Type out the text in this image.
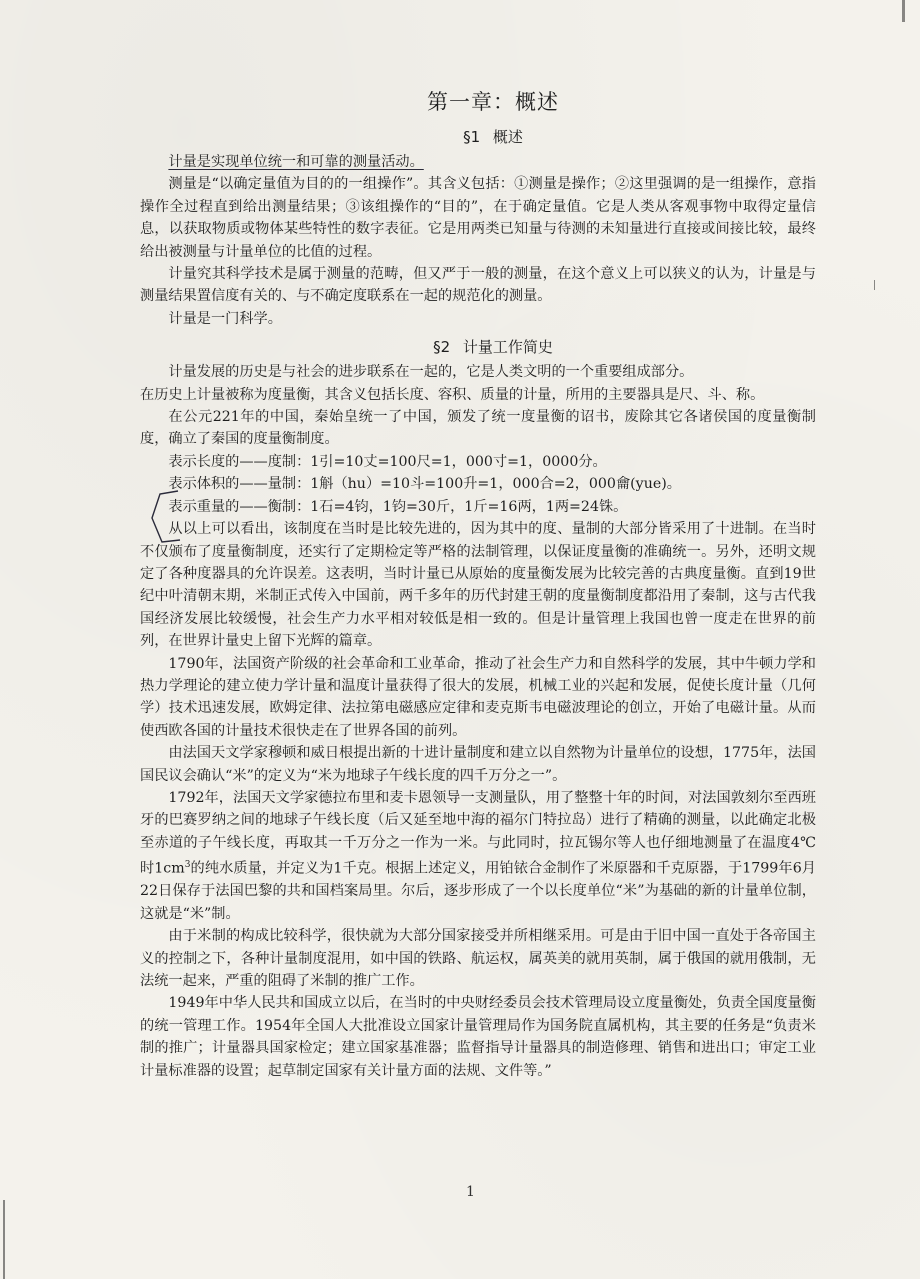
第一章：概述
§1 概述

计量是实现单位统一和可靠的测量活动。

测量是“以确定量值为目的的一组操作”。其含义包括：①测量是操作；②这里强调的是一组操作，意指操作全过程直到给出测量结果；③该组操作的“目的”，在于确定量值。它是人类从客观事物中取得定量信息，以获取物质或物体某些特性的数字表征。它是用两类已知量与待测的未知量进行直接或间接比较，最终给出被测量与计量单位的比值的过程。

计量究其科学技术是属于测量的范畴，但又严于一般的测量，在这个意义上可以狭义的认为，计量是与测量结果置信度有关的、与不确定度联系在一起的规范化的测量。

计量是一门科学。

§2 计量工作简史

计量发展的历史是与社会的进步联系在一起的，它是人类文明的一个重要组成部分。

在历史上计量被称为度量衡，其含义包括长度、容积、质量的计量，所用的主要器具是尺、斗、称。

在公元221年的中国，秦始皇统一了中国，颁发了统一度量衡的诏书，废除其它各诸侯国的度量衡制度，确立了秦国的度量衡制度。

表示长度的——度制：1引=10丈=100尺=1，000寸=1，0000分。

表示体积的——量制：1斛（hu）=10斗=100升=1，000合=2，000龠(yue)。

表示重量的——衡制：1石=4钧，1钧=30斤，1斤=16两，1两=24铢。

从以上可以看出，该制度在当时是比较先进的，因为其中的度、量制的大部分皆采用了十进制。在当时不仅颁布了度量衡制度，还实行了定期检定等严格的法制管理，以保证度量衡的准确统一。另外，还明文规定了各种度器具的允许误差。这表明，当时计量已从原始的度量衡发展为比较完善的古典度量衡。直到19世纪中叶清朝末期，米制正式传入中国前，两千多年的历代封建王朝的度量衡制度都沿用了秦制，这与古代我国经济发展比较缓慢，社会生产力水平相对较低是相一致的。但是计量管理上我国也曾一度走在世界的前列，在世界计量史上留下光辉的篇章。

1790年，法国资产阶级的社会革命和工业革命，推动了社会生产力和自然科学的发展，其中牛顿力学和热力学理论的建立使力学计量和温度计量获得了很大的发展，机械工业的兴起和发展，促使长度计量（几何学）技术迅速发展，欧姆定律、法拉第电磁感应定律和麦克斯韦电磁波理论的创立，开始了电磁计量。从而使西欧各国的计量技术很快走在了世界各国的前列。

由法国天文学家穆顿和威日根提出新的十进计量制度和建立以自然物为计量单位的设想，1775年，法国国民议会确认“米”的定义为“米为地球子午线长度的四千万分之一”。

1792年，法国天文学家德拉布里和麦卡恩领导一支测量队，用了整整十年的时间，对法国敦刻尔至西班牙的巴赛罗纳之间的地球子午线长度（后又延至地中海的福尔门特拉岛）进行了精确的测量，以此确定北极至赤道的子午线长度，再取其一千万分之一作为一米。与此同时，拉瓦锡尔等人也仔细地测量了在温度4℃时$1cm^3$的纯水质量，并定义为1千克。根据上述定义，用铂铱合金制作了米原器和千克原器，于1799年6月22日保存于法国巴黎的共和国档案局里。尔后，逐步形成了一个以长度单位“米”为基础的新的计量单位制，这就是“米”制。

由于米制的构成比较科学，很快就为大部分国家接受并所相继采用。可是由于旧中国一直处于各帝国主义的控制之下，各种计量制度混用，如中国的铁路、航运权，属英美的就用英制，属于俄国的就用俄制，无法统一起来，严重的阻碍了米制的推广工作。

1949年中华人民共和国成立以后，在当时的中央财经委员会技术管理局设立度量衡处，负责全国度量衡的统一管理工作。1954年全国人大批准设立国家计量管理局作为国务院直属机构，其主要的任务是“负责米制的推广；计量器具国家检定；建立国家基准器；监督指导计量器具的制造修理、销售和进出口；审定工业计量标准器的设置；起草制定国家有关计量方面的法规、文件等。”

1
